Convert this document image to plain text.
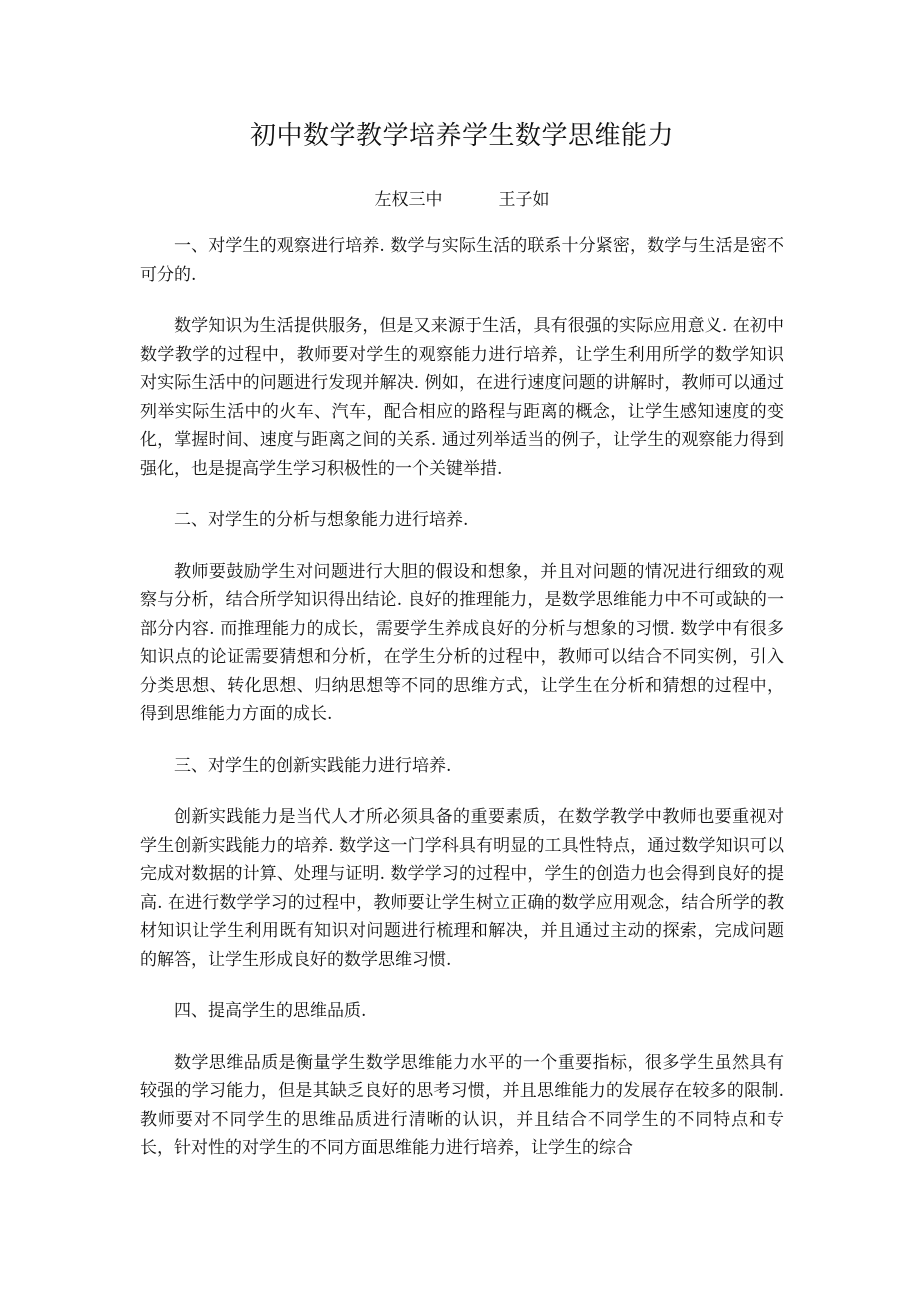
初中数学教学培养学生数学思维能力
左权三中	王子如

一、对学生的观察进行培养. 数学与实际生活的联系十分紧密，数学与生活是密不可分的.

数学知识为生活提供服务，但是又来源于生活，具有很强的实际应用意义. 在初中数学教学的过程中，教师要对学生的观察能力进行培养，让学生利用所学的数学知识对实际生活中的问题进行发现并解决. 例如，在进行速度问题的讲解时，教师可以通过列举实际生活中的火车、汽车，配合相应的路程与距离的概念，让学生感知速度的变化，掌握时间、速度与距离之间的关系. 通过列举适当的例子，让学生的观察能力得到强化，也是提高学生学习积极性的一个关键举措.

二、对学生的分析与想象能力进行培养.

教师要鼓励学生对问题进行大胆的假设和想象，并且对问题的情况进行细致的观察与分析，结合所学知识得出结论. 良好的推理能力，是数学思维能力中不可或缺的一部分内容. 而推理能力的成长，需要学生养成良好的分析与想象的习惯. 数学中有很多知识点的论证需要猜想和分析，在学生分析的过程中，教师可以结合不同实例，引入分类思想、转化思想、归纳思想等不同的思维方式，让学生在分析和猜想的过程中，得到思维能力方面的成长.

三、对学生的创新实践能力进行培养.

创新实践能力是当代人才所必须具备的重要素质，在数学教学中教师也要重视对学生创新实践能力的培养. 数学这一门学科具有明显的工具性特点，通过数学知识可以完成对数据的计算、处理与证明. 数学学习的过程中，学生的创造力也会得到良好的提高. 在进行数学学习的过程中，教师要让学生树立正确的数学应用观念，结合所学的教材知识让学生利用既有知识对问题进行梳理和解决，并且通过主动的探索，完成问题的解答，让学生形成良好的数学思维习惯.

四、提高学生的思维品质.

数学思维品质是衡量学生数学思维能力水平的一个重要指标，很多学生虽然具有较强的学习能力，但是其缺乏良好的思考习惯，并且思维能力的发展存在较多的限制. 教师要对不同学生的思维品质进行清晰的认识，并且结合不同学生的不同特点和专长，针对性的对学生的不同方面思维能力进行培养，让学生的综合
